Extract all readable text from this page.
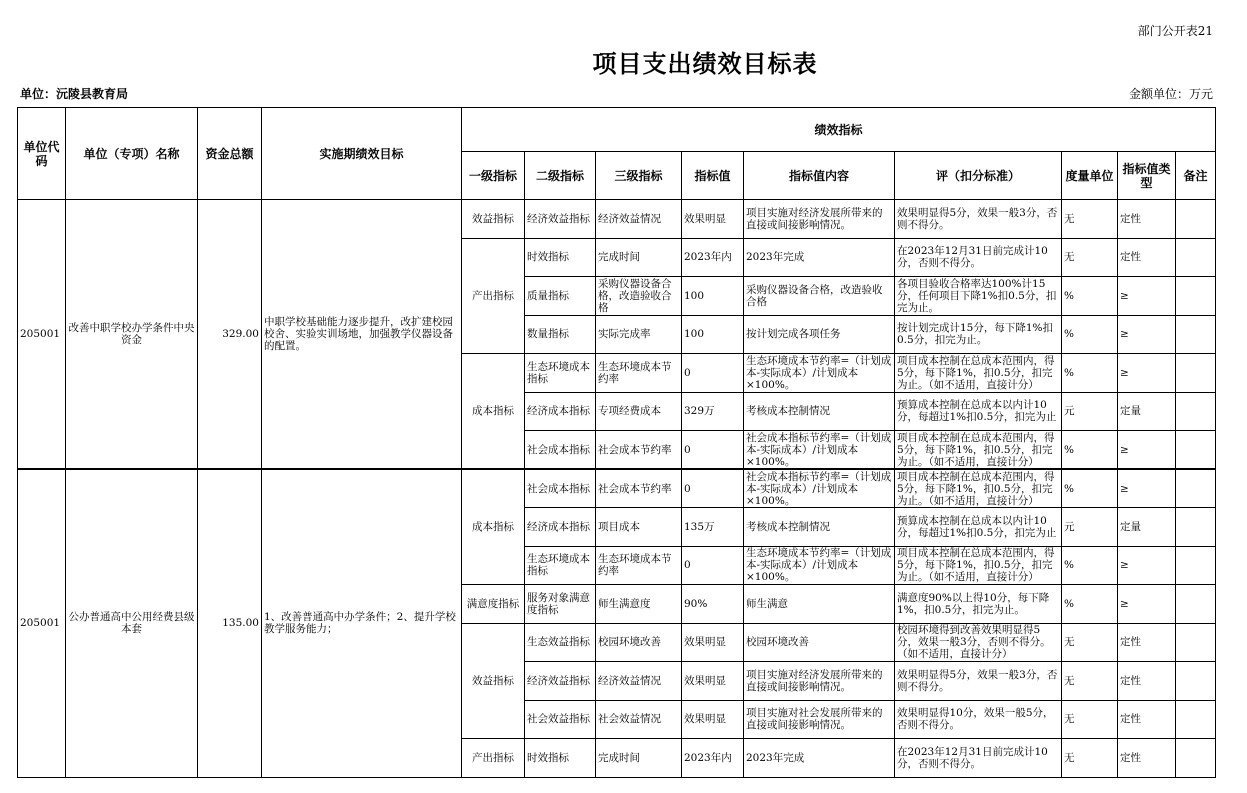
部门公开表21
项目支出绩效目标表
单位：沅陵县教育局	金额单位：万元
单位代码	单位（专项）名称	资金总额	实施期绩效目标	绩效指标								
				一级指标	二级指标	三级指标	指标值	指标值内容	评（扣分标准）	度量单位	指标值类型	备注

205001	改善中职学校办学条件中央资金	329.00	中职学校基础能力逐步提升，改扩建校园校舍、实验实训场地，加强教学仪器设备的配置。	效益指标	经济效益指标	经济效益情况	效果明显	项目实施对经济发展所带来的直接或间接影响情况。	效果明显得5分，效果一般3分，否则不得分。	无	定性	

				产出指标	时效指标	完成时间	2023年内	2023年完成	在2023年12月31日前完成计10分，否则不得分。	无	定性	

					质量指标	采购仪器设备合格，改造验收合格	100	采购仪器设备合格，改造验收合格	各项目验收合格率达100%计15分，任何项目下降1%扣0.5分，扣完为止。	%	≥	

					数量指标	实际完成率	100	按计划完成各项任务	按计划完成计15分，每下降1%扣0.5分，扣完为止。	%	≥	

				成本指标	生态环境成本指标	生态环境成本节约率	0	生态环境成本节约率=（计划成本-实际成本）/计划成本×100%。	项目成本控制在总成本范围内，得5分，每下降1%，扣0.5分，扣完为止。（如不适用，直接计分）	%	≥	

					经济成本指标	专项经费成本	329万	考核成本控制情况	预算成本控制在总成本以内计10分，每超过1%扣0.5分，扣完为止	元	定量	

					社会成本指标	社会成本节约率	0	社会成本指标节约率=（计划成本-实际成本）/计划成本×100%。	项目成本控制在总成本范围内，得5分，每下降1%，扣0.5分，扣完为止。（如不适用，直接计分）	%	≥	

205001	公办普通高中公用经费县级本套	135.00	1、改善普通高中办学条件；2、提升学校教学服务能力；	成本指标	社会成本指标	社会成本节约率	0	社会成本指标节约率=（计划成本-实际成本）/计划成本×100%。	项目成本控制在总成本范围内，得5分，每下降1%，扣0.5分，扣完为止。（如不适用，直接计分）	%	≥	

					经济成本指标	项目成本	135万	考核成本控制情况	预算成本控制在总成本以内计10分，每超过1%扣0.5分，扣完为止	元	定量	

					生态环境成本指标	生态环境成本节约率	0	生态环境成本节约率=（计划成本-实际成本）/计划成本×100%。	项目成本控制在总成本范围内，得5分，每下降1%，扣0.5分，扣完为止。（如不适用，直接计分）	%	≥	

				满意度指标	服务对象满意度指标	师生满意度	90%	师生满意	满意度90%以上得10分，每下降1%，扣0.5分，扣完为止。	%	≥	

				效益指标	生态效益指标	校园环境改善	效果明显	校园环境改善	校园环境得到改善效果明显得5分，效果一般3分，否则不得分。（如不适用，直接计分）	无	定性	

					经济效益指标	经济效益情况	效果明显	项目实施对经济发展所带来的直接或间接影响情况。	效果明显得5分，效果一般3分，否则不得分。	无	定性	

					社会效益指标	社会效益情况	效果明显	项目实施对社会发展所带来的直接或间接影响情况。	效果明显得10分，效果一般5分，否则不得分。	无	定性	

				产出指标	时效指标	完成时间	2023年内	2023年完成	在2023年12月31日前完成计10分，否则不得分。	无	定性	
